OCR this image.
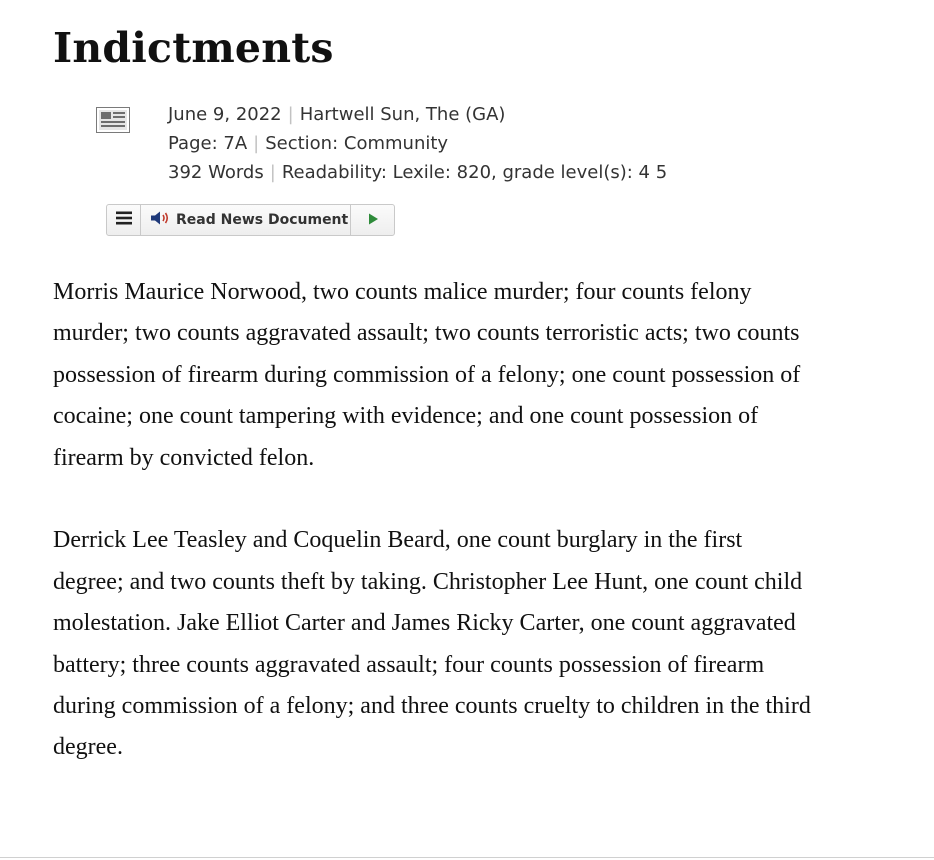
Indictments
June 9, 2022 | Hartwell Sun, The (GA)
Page: 7A | Section: Community
392 Words | Readability: Lexile: 820, grade level(s): 4 5
Read News Document

Morris Maurice Norwood, two counts malice murder; four counts felony murder; two counts aggravated assault; two counts terroristic acts; two counts possession of firearm during commission of a felony; one count possession of cocaine; one count tampering with evidence; and one count possession of firearm by convicted felon.

Derrick Lee Teasley and Coquelin Beard, one count burglary in the first degree; and two counts theft by taking. Christopher Lee Hunt, one count child molestation. Jake Elliot Carter and James Ricky Carter, one count aggravated battery; three counts aggravated assault; four counts possession of firearm during commission of a felony; and three counts cruelty to children in the third degree.
